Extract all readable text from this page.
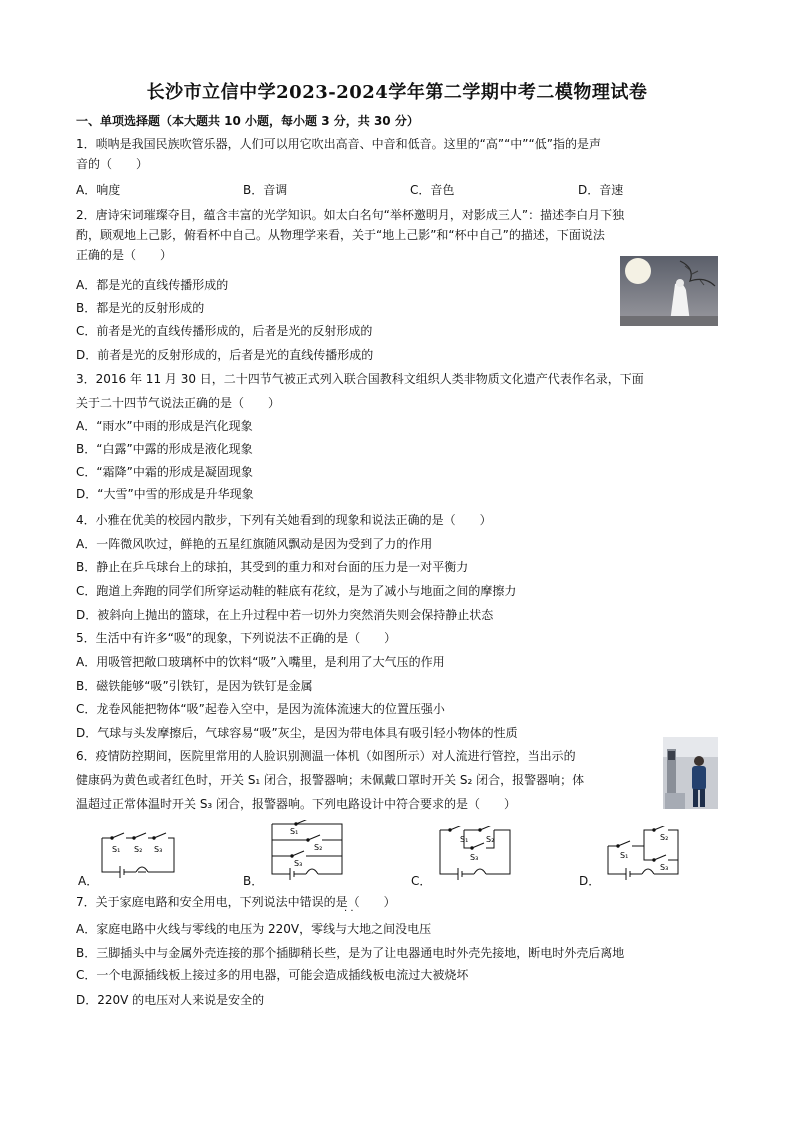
长沙市立信中学2023-2024学年第二学期中考二模物理试卷
一、单项选择题（本大题共 10 小题，每小题 3 分，共 30 分）
1．唢呐是我国民族吹管乐器，人们可以用它吹出高音、中音和低音。这里的“高”“中”“低”指的是声
音的（　　）
A．响度	B．音调	C．音色	D．音速
2．唐诗宋词璀璨夺目，蕴含丰富的光学知识。如太白名句“举杯邀明月，对影成三人”：描述李白月下独
酌，顾观地上己影，俯看杯中自己。从物理学来看，关于“地上己影”和“杯中自己”的描述，下面说法
正确的是（　　）
A．都是光的直线传播形成的
B．都是光的反射形成的
C．前者是光的直线传播形成的，后者是光的反射形成的
D．前者是光的反射形成的，后者是光的直线传播形成的
3．2016 年 11 月 30 日，二十四节气被正式列入联合国教科文组织人类非物质文化遗产代表作名录，下面
关于二十四节气说法正确的是（　　）
A．“雨水”中雨的形成是汽化现象
B．“白露”中露的形成是液化现象
C．“霜降”中霜的形成是凝固现象
D．“大雪”中雪的形成是升华现象
4．小雅在优美的校园内散步，下列有关她看到的现象和说法正确的是（　　）
A．一阵微风吹过，鲜艳的五星红旗随风飘动是因为受到了力的作用
B．静止在乒乓球台上的球拍，其受到的重力和对台面的压力是一对平衡力
C．跑道上奔跑的同学们所穿运动鞋的鞋底有花纹，是为了减小与地面之间的摩擦力
D．被斜向上抛出的篮球，在上升过程中若一切外力突然消失则会保持静止状态
5．生活中有许多“吸”的现象，下列说法不正确的是（　　）
A．用吸管把敞口玻璃杯中的饮料“吸”入嘴里，是利用了大气压的作用
B．磁铁能够“吸”引铁钉，是因为铁钉是金属
C．龙卷风能把物体“吸”起卷入空中，是因为流体流速大的位置压强小
D．气球与头发摩擦后，气球容易“吸”灰尘，是因为带电体具有吸引轻小物体的性质
6．疫情防控期间，医院里常用的人脸识别测温一体机（如图所示）对人流进行管控，当出示的
健康码为黄色或者红色时，开关 S₁ 闭合，报警器响；未佩戴口罩时开关 S₂ 闭合，报警器响；体
温超过正常体温时开关 S₃ 闭合，报警器响。下列电路设计中符合要求的是（　　）
A．	B．	C．	D．
S₁ S₂ S₃
S₁
S₂
S₃
S₁ S₂
S₃	S₁
S₂
S₃
7．关于家庭电路和安全用电，下列说法中错误的是（　　）
· ·
A．家庭电路中火线与零线的电压为 220V，零线与大地之间没电压
B．三脚插头中与金属外壳连接的那个插脚稍长些，是为了让电器通电时外壳先接地，断电时外壳后离地
C．一个电源插线板上接过多的用电器，可能会造成插线板电流过大被烧坏
D．220V 的电压对人来说是安全的
